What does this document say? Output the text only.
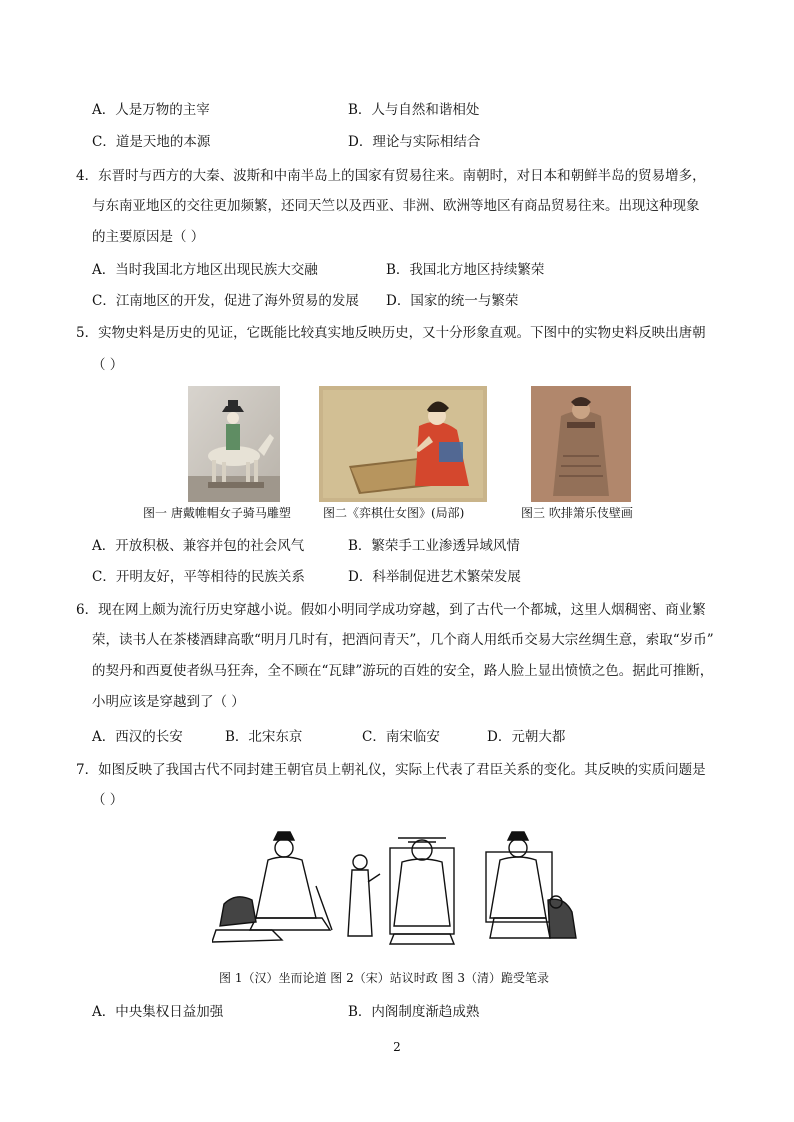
A．人是万物的主宰	B．人与自然和谐相处
C．道是天地的本源	D．理论与实际相结合
4．东晋时与西方的大秦、波斯和中南半岛上的国家有贸易往来。南朝时，对日本和朝鲜半岛的贸易增多，
与东南亚地区的交往更加频繁，还同天竺以及西亚、非洲、欧洲等地区有商品贸易往来。出现这种现象
的主要原因是（ ）
A．当时我国北方地区出现民族大交融	B．我国北方地区持续繁荣
C．江南地区的开发，促进了海外贸易的发展 D．国家的统一与繁荣
5．实物史料是历史的见证，它既能比较真实地反映历史，又十分形象直观。下图中的实物史料反映出唐朝
（ ）
图一 唐戴帷帽女子骑马雕塑	图二《弈棋仕女图》(局部)	图三 吹排箫乐伎壁画
A．开放积极、兼容并包的社会风气	B．繁荣手工业渗透异域风情
C．开明友好，平等相待的民族关系	D．科举制促进艺术繁荣发展
6．现在网上颇为流行历史穿越小说。假如小明同学成功穿越，到了古代一个都城，这里人烟稠密、商业繁
荣，读书人在茶楼酒肆高歌“明月几时有，把酒问青天”，几个商人用纸币交易大宗丝绸生意，索取“岁币”
的契丹和西夏使者纵马狂奔，全不顾在“瓦肆”游玩的百姓的安全，路人脸上显出愤愤之色。据此可推断，
小明应该是穿越到了（ ）
A．西汉的长安	B．北宋东京	C．南宋临安	D．元朝大都
7．如图反映了我国古代不同封建王朝官员上朝礼仪，实际上代表了君臣关系的变化。其反映的实质问题是
（ ）
图 1（汉）坐而论道 图 2（宋）站议时政 图 3（清）跪受笔录
A．中央集权日益加强	B．内阁制度渐趋成熟
2
